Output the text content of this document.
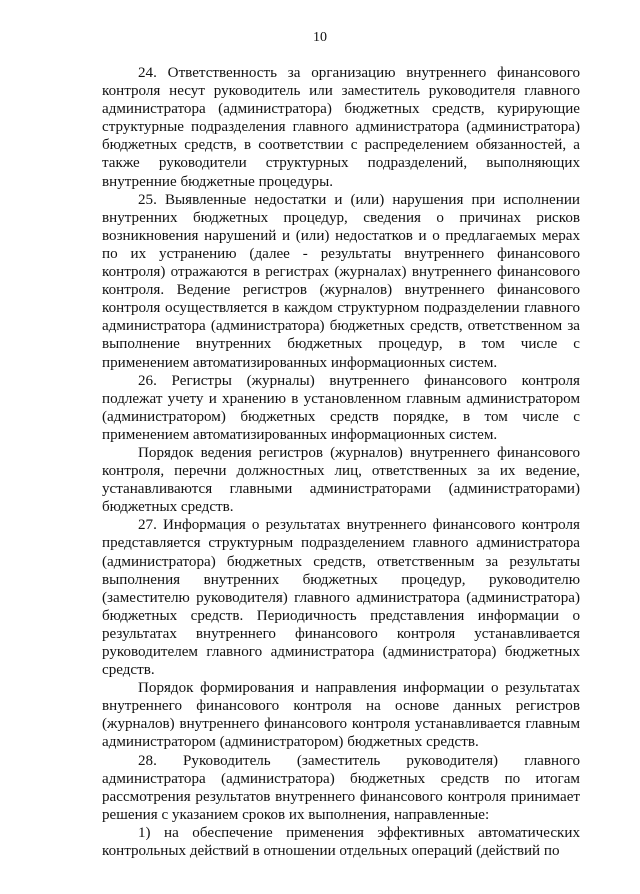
10

24. Ответственность за организацию внутреннего финансового контроля несут руководитель или заместитель руководителя главного администратора (администратора) бюджетных средств, курирующие структурные подразделения главного администратора (администратора) бюджетных средств, в соответствии с распределением обязанностей, а также руководители структурных подразделений, выполняющих внутренние бюджетные процедуры.

25. Выявленные недостатки и (или) нарушения при исполнении внутренних бюджетных процедур, сведения о причинах рисков возникновения нарушений и (или) недостатков и о предлагаемых мерах по их устранению (далее - результаты внутреннего финансового контроля) отражаются в регистрах (журналах) внутреннего финансового контроля. Ведение регистров (журналов) внутреннего финансового контроля осуществляется в каждом структурном подразделении главного администратора (администратора) бюджетных средств, ответственном за выполнение внутренних бюджетных процедур, в том числе с применением автоматизированных информационных систем.

26. Регистры (журналы) внутреннего финансового контроля подлежат учету и хранению в установленном главным администратором (администратором) бюджетных средств порядке, в том числе с применением автоматизированных информационных систем.

Порядок ведения регистров (журналов) внутреннего финансового контроля, перечни должностных лиц, ответственных за их ведение, устанавливаются главными администраторами (администраторами) бюджетных средств.

27. Информация о результатах внутреннего финансового контроля представляется структурным подразделением главного администратора (администратора) бюджетных средств, ответственным за результаты выполнения внутренних бюджетных процедур, руководителю (заместителю руководителя) главного администратора (администратора) бюджетных средств. Периодичность представления информации о результатах внутреннего финансового контроля устанавливается руководителем главного администратора (администратора) бюджетных средств.

Порядок формирования и направления информации о результатах внутреннего финансового контроля на основе данных регистров (журналов) внутреннего финансового контроля устанавливается главным администратором (администратором) бюджетных средств.

28. Руководитель (заместитель руководителя) главного администратора (администратора) бюджетных средств по итогам рассмотрения результатов внутреннего финансового контроля принимает решения с указанием сроков их выполнения, направленные:

1) на обеспечение применения эффективных автоматических контрольных действий в отношении отдельных операций (действий по
